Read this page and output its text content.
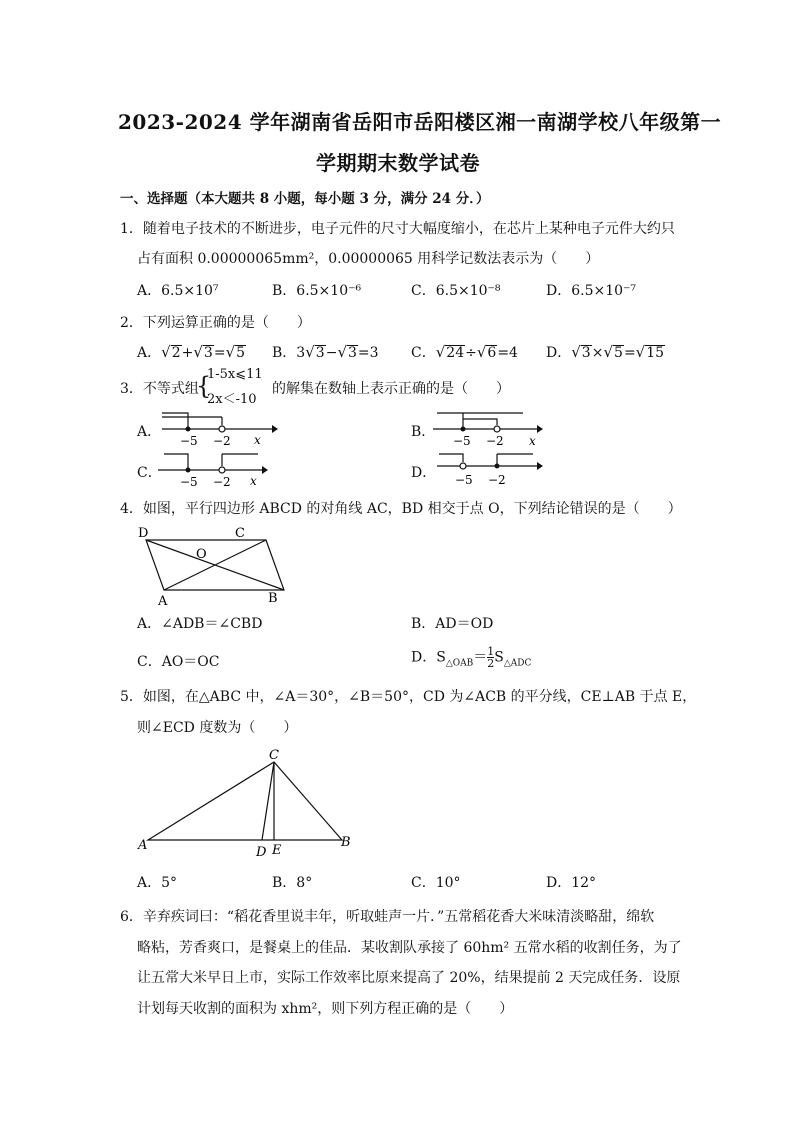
2023-2024 学年湖南省岳阳市岳阳楼区湘一南湖学校八年级第一
学期期末数学试卷
一、选择题（本大题共 8 小题，每小题 3 分，满分 24 分．）
1．随着电子技术的不断进步，电子元件的尺寸大幅度缩小，在芯片上某种电子元件大约只
占有面积 0.00000065mm²，0.00000065 用科学记数法表示为（　　）
A．6.5×10⁷	B．6.5×10⁻⁶	C．6.5×10⁻⁸	D．6.5×10⁻⁷
2．下列运算正确的是（　　）
A．√2+√3=√5 B．3√3−√3=3 C．√24÷√6=4 D．√3×√5=√15
3．不等式组
{
1-5x⩽11
2x＜-10
的解集在数轴上表示正确的是（　　）
A．
−5 −2 x	B．
−5 −2 x
C．
−5 −2 x	D． −5 −2
4．如图，平行四边形 ABCD 的对角线 AC，BD 相交于点 O，下列结论错误的是（　　）
D	C
O
A	B
A．∠ADB＝∠CBD	B．AD＝OD
C．AO＝OC	D．$S_{\triangle OAB}= \frac{1}{2} S_{\triangle ADC}$
5．如图，在△ABC 中，∠A＝30°，∠B＝50°，CD 为∠ACB 的平分线，CE⊥AB 于点 E，
则∠ECD 度数为（　　）
C
A	D E
B
A．5°	B．8°	C．10°	D．12°
6．辛弃疾词曰：“稻花香里说丰年，听取蛙声一片．”五常稻花香大米味清淡略甜，绵软
略粘，芳香爽口，是餐桌上的佳品．某收割队承接了 60hm² 五常水稻的收割任务，为了
让五常大米早日上市，实际工作效率比原来提高了 20%，结果提前 2 天完成任务．设原
计划每天收割的面积为 xhm²，则下列方程正确的是（　　）
